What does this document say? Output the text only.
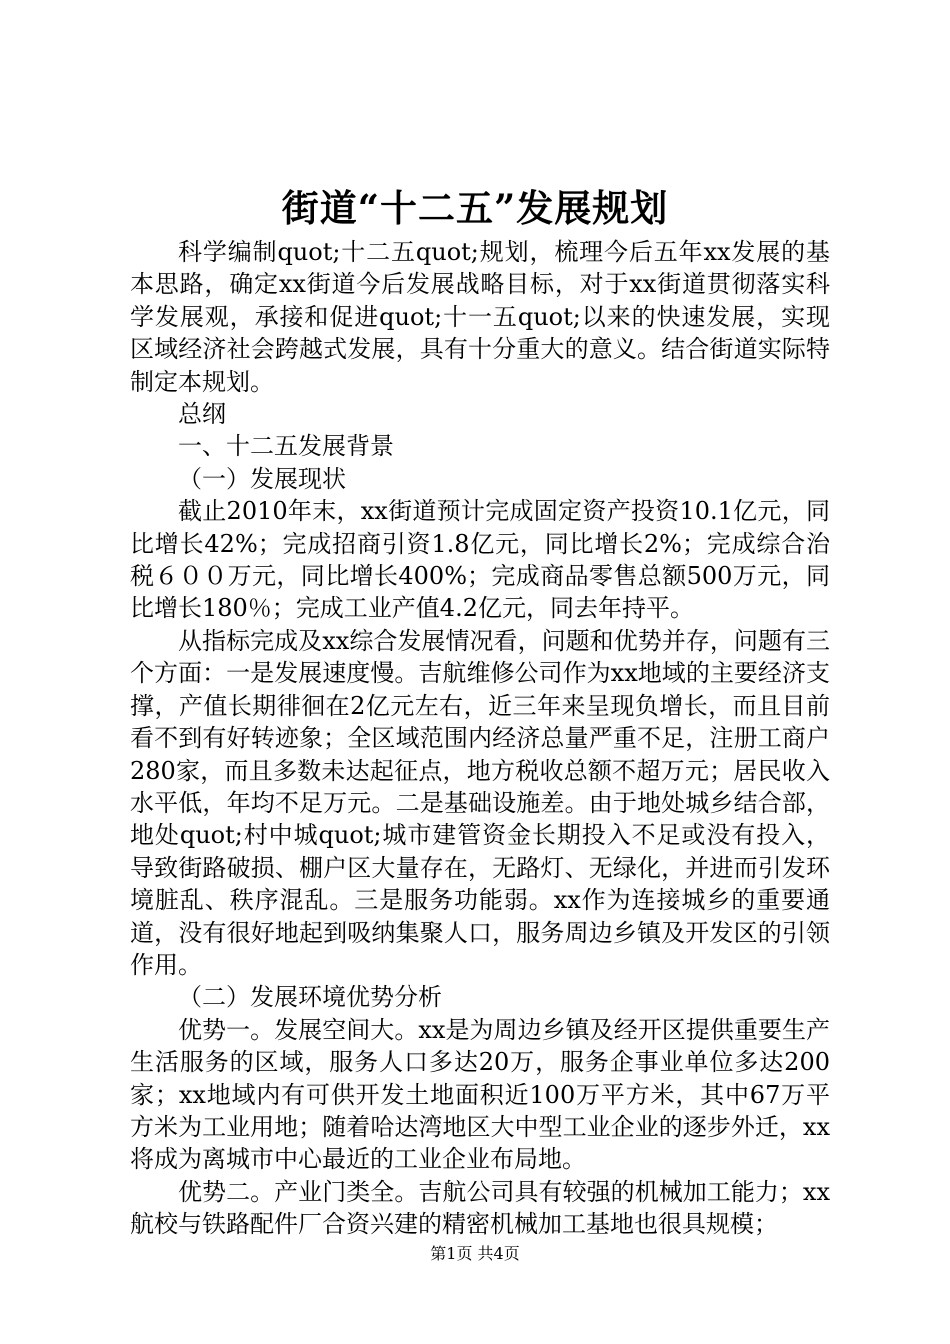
街道“十二五”发展规划

科学编制quot;十二五quot;规划，梳理今后五年xx发展的基本思路，确定xx街道今后发展战略目标，对于xx街道贯彻落实科学发展观，承接和促进quot;十一五quot;以来的快速发展，实现区域经济社会跨越式发展，具有十分重大的意义。结合街道实际特制定本规划。

总纲

一、十二五发展背景

（一）发展现状

截止2010年末，xx街道预计完成固定资产投资10.1亿元，同比增长42%；完成招商引资1.8亿元，同比增长2%；完成综合治税６００万元，同比增长400%；完成商品零售总额500万元，同比增长180％；完成工业产值4.2亿元，同去年持平。

从指标完成及xx综合发展情况看，问题和优势并存，问题有三个方面：一是发展速度慢。吉航维修公司作为xx地域的主要经济支撑，产值长期徘徊在2亿元左右，近三年来呈现负增长，而且目前看不到有好转迹象；全区域范围内经济总量严重不足，注册工商户280家，而且多数未达起征点，地方税收总额不超万元；居民收入水平低，年均不足万元。二是基础设施差。由于地处城乡结合部，地处quot;村中城quot;城市建管资金长期投入不足或没有投入，导致街路破损、棚户区大量存在，无路灯、无绿化，并进而引发环境脏乱、秩序混乱。三是服务功能弱。xx作为连接城乡的重要通道，没有很好地起到吸纳集聚人口，服务周边乡镇及开发区的引领作用。

（二）发展环境优势分析

优势一。发展空间大。xx是为周边乡镇及经开区提供重要生产生活服务的区域，服务人口多达20万，服务企事业单位多达200家；xx地域内有可供开发土地面积近100万平方米，其中67万平方米为工业用地；随着哈达湾地区大中型工业企业的逐步外迁，xx将成为离城市中心最近的工业企业布局地。

优势二。产业门类全。吉航公司具有较强的机械加工能力；xx航校与铁路配件厂合资兴建的精密机械加工基地也很具规模；

第1页 共4页
